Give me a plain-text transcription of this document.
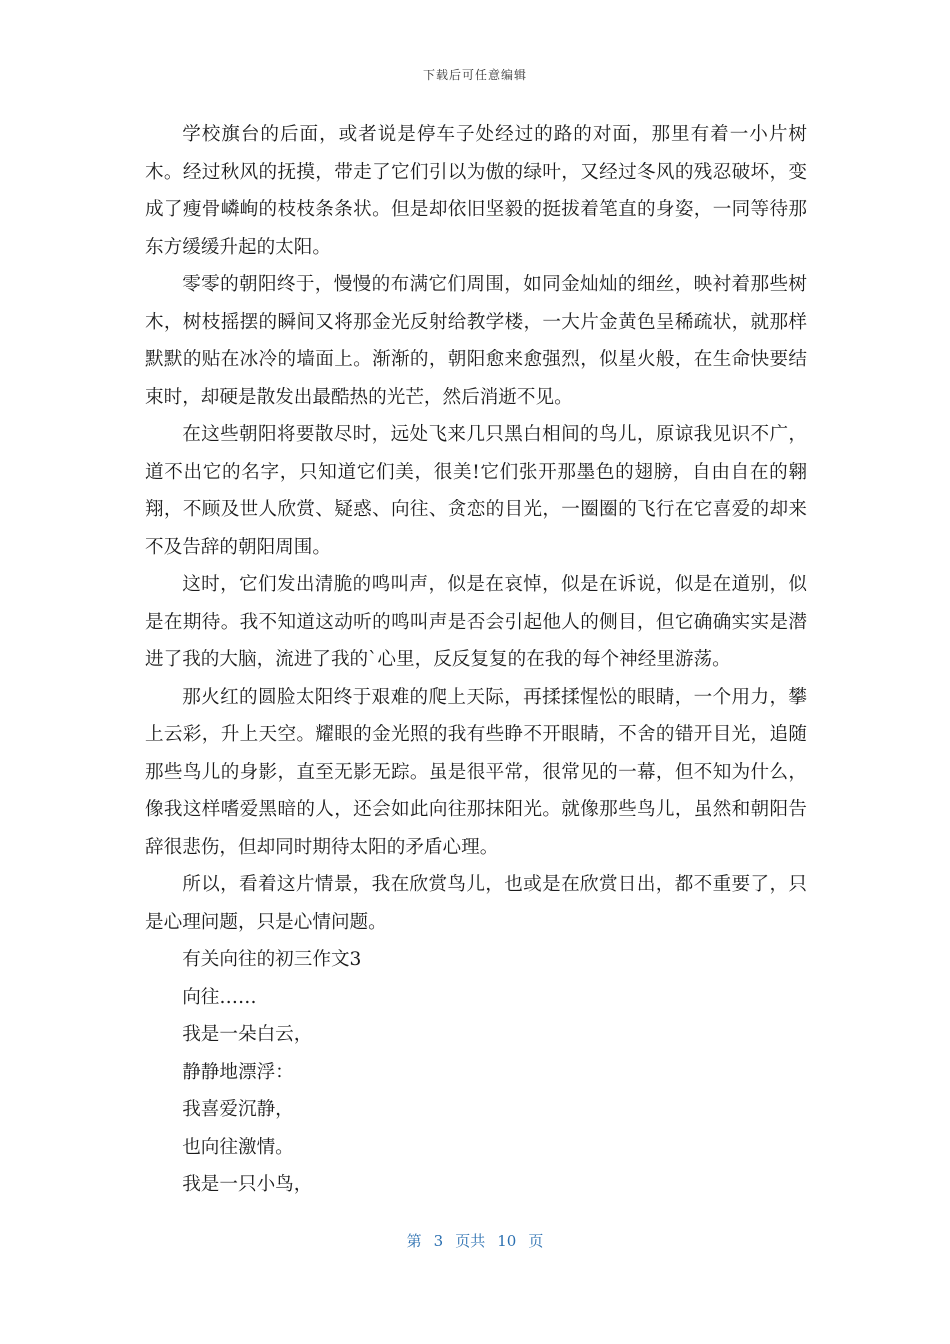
下载后可任意编辑

学校旗台的后面，或者说是停车子处经过的路的对面，那里有着一小片树木。经过秋风的抚摸，带走了它们引以为傲的绿叶，又经过冬风的残忍破坏，变成了瘦骨嶙峋的枝枝条条状。但是却依旧坚毅的挺拔着笔直的身姿，一同等待那东方缓缓升起的太阳。

零零的朝阳终于，慢慢的布满它们周围，如同金灿灿的细丝，映衬着那些树木，树枝摇摆的瞬间又将那金光反射给教学楼，一大片金黄色呈稀疏状，就那样默默的贴在冰冷的墙面上。渐渐的，朝阳愈来愈强烈，似星火般，在生命快要结束时，却硬是散发出最酷热的光芒，然后消逝不见。

在这些朝阳将要散尽时，远处飞来几只黑白相间的鸟儿，原谅我见识不广，道不出它的名字，只知道它们美，很美!它们张开那墨色的翅膀，自由自在的翱翔，不顾及世人欣赏、疑惑、向往、贪恋的目光，一圈圈的飞行在它喜爱的却来不及告辞的朝阳周围。

这时，它们发出清脆的鸣叫声，似是在哀悼，似是在诉说，似是在道别，似是在期待。我不知道这动听的鸣叫声是否会引起他人的侧目，但它确确实实是潜进了我的大脑，流进了我的`心里，反反复复的在我的每个神经里游荡。

那火红的圆脸太阳终于艰难的爬上天际，再揉揉惺忪的眼睛，一个用力，攀上云彩，升上天空。耀眼的金光照的我有些睁不开眼睛，不舍的错开目光，追随那些鸟儿的身影，直至无影无踪。虽是很平常，很常见的一幕，但不知为什么，像我这样嗜爱黑暗的人，还会如此向往那抹阳光。就像那些鸟儿，虽然和朝阳告辞很悲伤，但却同时期待太阳的矛盾心理。

所以，看着这片情景，我在欣赏鸟儿，也或是在欣赏日出，都不重要了，只是心理问题，只是心情问题。

有关向往的初三作文3

向往……

我是一朵白云，

静静地漂浮：

我喜爱沉静，

也向往激情。

我是一只小鸟，

第 3 页共 10 页
